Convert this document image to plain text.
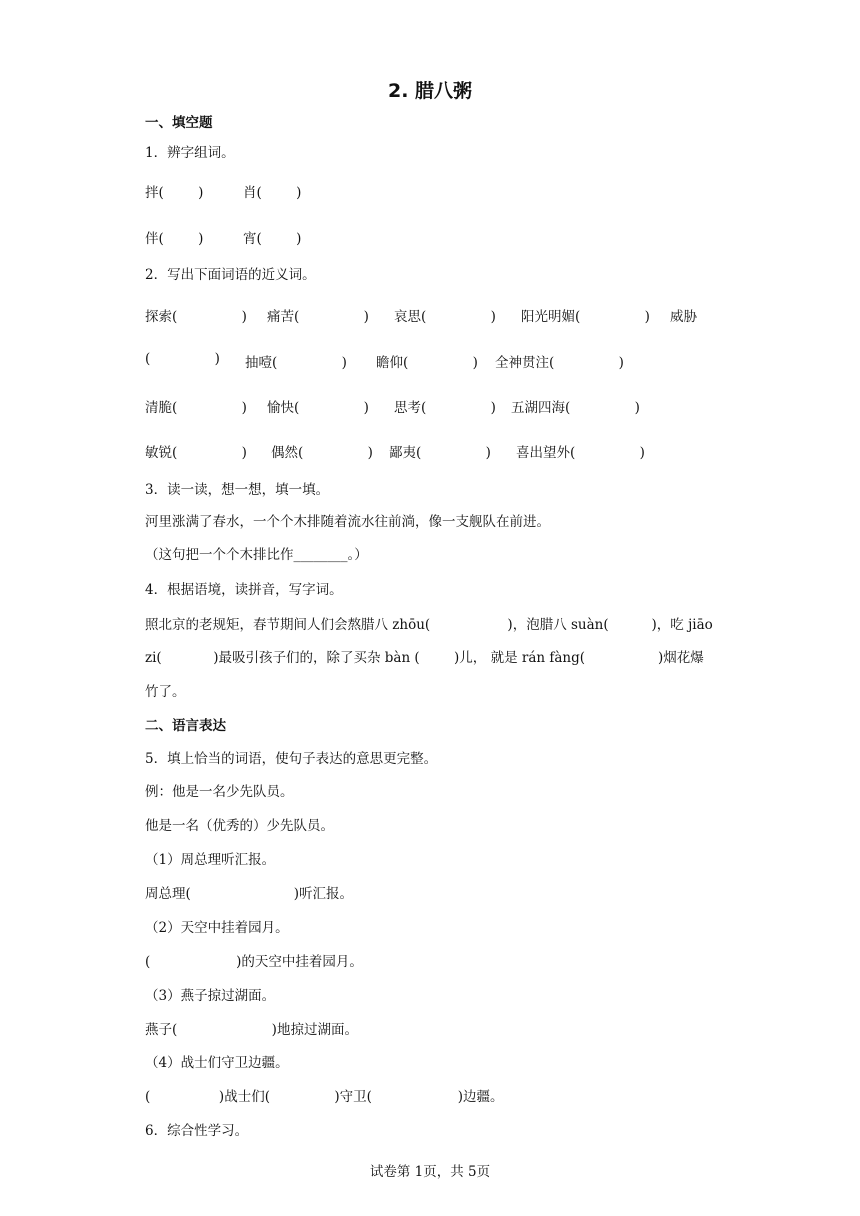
2. 腊八粥
一、填空题
1．辨字组词。
拌(        )	肖(        )
伴(        )	宵(        )
2．写出下面词语的近义词。
探索(               ) 痛苦(               ) 哀思(               ) 阳光明媚(               ) 威胁
(               ) 抽噎(               ) 瞻仰(               ) 全神贯注(               )
清脆(               ) 愉快(               ) 思考(               ) 五湖四海(               )
敏锐(               ) 偶然(               ) 鄙夷(               ) 喜出望外(               )
3．读一读，想一想，填一填。
河里涨满了春水，一个个木排随着流水往前淌，像一支舰队在前进。
（这句把一个个木排比作________。）
4．根据语境，读拼音，写字词。
照北京的老规矩，春节期间人们会熬腊八 zhōu(                  )，泡腊八 suàn(          )，吃 jiāo
zi(            )最吸引孩子们的，除了买杂 bàn (        )儿， 就是 rán fàng(                 )烟花爆
竹了。
二、语言表达
5．填上恰当的词语，使句子表达的意思更完整。
例：他是一名少先队员。
他是一名（优秀的）少先队员。
（1）周总理听汇报。
周总理(                        )听汇报。
（2）天空中挂着园月。
(                    )的天空中挂着园月。
（3）燕子掠过湖面。
燕子(                      )地掠过湖面。
（4）战士们守卫边疆。
(                )战士们(               )守卫(                    )边疆。
6．综合性学习。
试卷第 1页，共 5页
